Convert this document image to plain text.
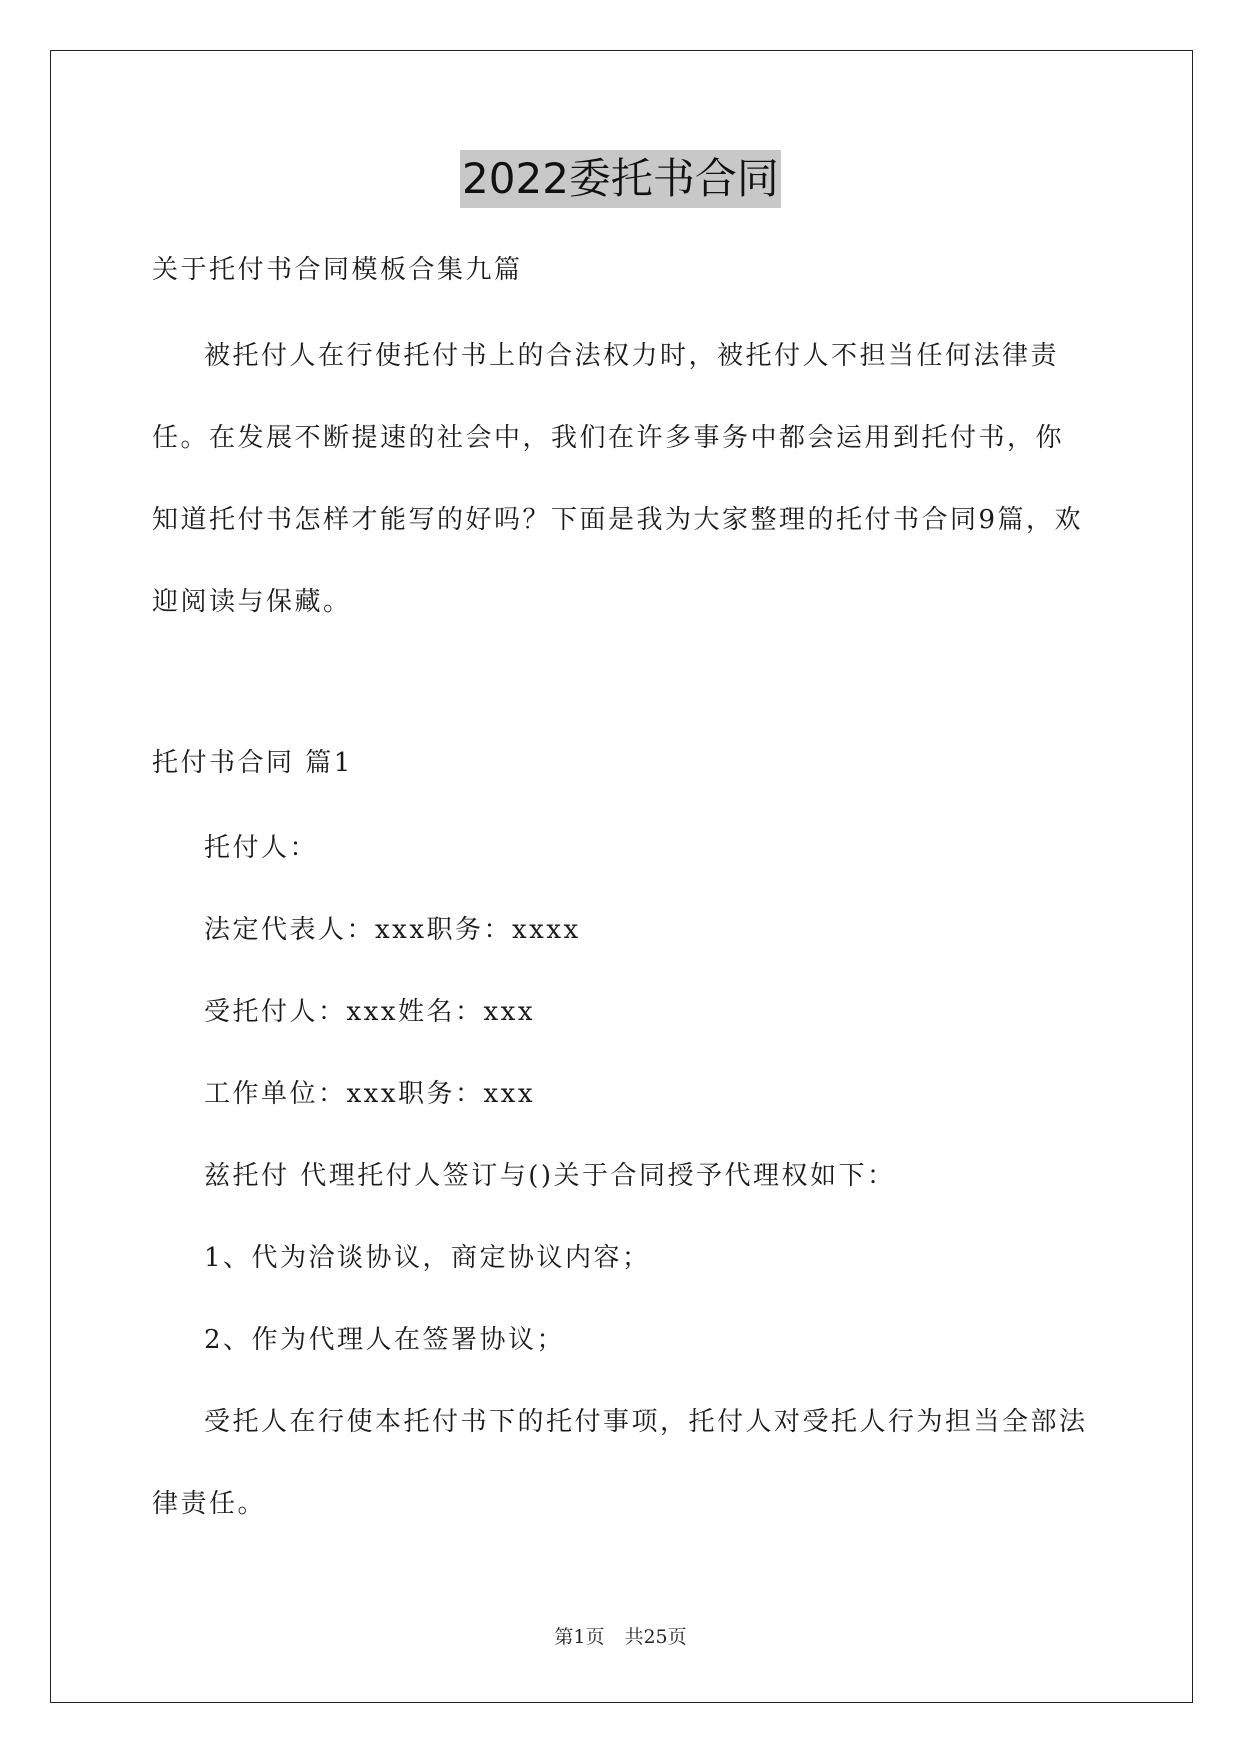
2022委托书合同
关于托付书合同模板合集九篇

被托付人在行使托付书上的合法权力时，被托付人不担当任何法律责任。在发展不断提速的社会中，我们在许多事务中都会运用到托付书，你知道托付书怎样才能写的好吗？下面是我为大家整理的托付书合同9篇，欢迎阅读与保藏。

托付书合同 篇1

托付人：

法定代表人：xxx职务：xxxx

受托付人：xxx姓名：xxx

工作单位：xxx职务：xxx

兹托付 代理托付人签订与()关于合同授予代理权如下：

1、代为洽谈协议，商定协议内容；

2、作为代理人在签署协议；

受托人在行使本托付书下的托付事项，托付人对受托人行为担当全部法律责任。

第1页 共25页
